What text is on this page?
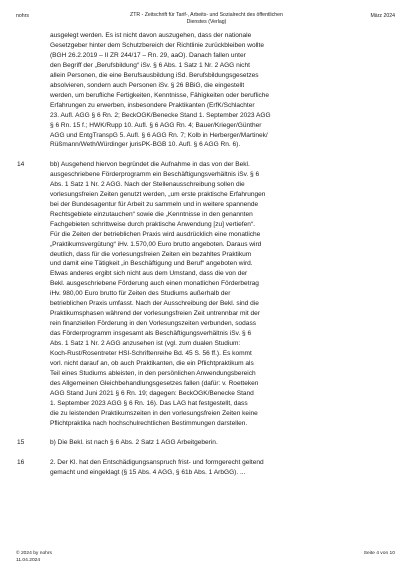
nohrs	ZTR - Zeitschrift für Tarif-, Arbeits- und Sozialrecht des öffentlichen
Dienstes (Verlag)
März 2024

ausgelegt werden. Es ist nicht davon auszugehen, dass der nationale
Gesetzgeber hinter dem Schutzbereich der Richtlinie zurückbleiben wollte
(BGH 26.2.2019 – II ZR 244/17 – Rn. 29, aaO). Danach fallen unter
den Begriff der „Berufsbildung“ iSv. § 6 Abs. 1 Satz 1 Nr. 2 AGG nicht
allein Personen, die eine Berufsausbildung iSd. Berufsbildungsgesetzes
absolvieren, sondern auch Personen iSv. § 26 BBiG, die eingestellt
werden, um berufliche Fertigkeiten, Kenntnisse, Fähigkeiten oder berufliche
Erfahrungen zu erwerben, insbesondere Praktikanten (ErfK/Schlachter
23. Aufl. AGG § 6 Rn. 2; BeckOGK/Benecke Stand 1. September 2023 AGG
§ 6 Rn. 15 f.; HWK/Rupp 10. Aufl. § 6 AGG Rn. 4; Bauer/Krieger/Günther
AGG und EntgTranspG 5. Aufl. § 6 AGG Rn. 7; Kolb in Herberger/Martinek/
Rüßmann/Weth/Würdinger jurisPK-BGB 10. Aufl. § 6 AGG Rn. 6).

14	bb) Ausgehend hiervon begründet die Aufnahme in das von der Bekl.
ausgeschriebene Förderprogramm ein Beschäftigungsverhältnis iSv. § 6
Abs. 1 Satz 1 Nr. 2 AGG. Nach der Stellenausschreibung sollen die
vorlesungsfreien Zeiten genutzt werden, „um erste praktische Erfahrungen
bei der Bundesagentur für Arbeit zu sammeln und in weitere spannende
Rechtsgebiete einzutauchen“ sowie die „Kenntnisse in den genannten
Fachgebieten schrittweise durch praktische Anwendung [zu] vertiefen“.
Für die Zeiten der betrieblichen Praxis wird ausdrücklich eine monatliche
„Praktikumsvergütung“ iHv. 1.570,00 Euro brutto angeboten. Daraus wird
deutlich, dass für die vorlesungsfreien Zeiten ein bezahltes Praktikum
und damit eine Tätigkeit „in Beschäftigung und Beruf“ angeboten wird.
Etwas anderes ergibt sich nicht aus dem Umstand, dass die von der
Bekl. ausgeschriebene Förderung auch einen monatlichen Förderbetrag
iHv. 980,00 Euro brutto für Zeiten des Studiums außerhalb der
betrieblichen Praxis umfasst. Nach der Ausschreibung der Bekl. sind die
Praktikumsphasen während der vorlesungsfreien Zeit untrennbar mit der
rein finanziellen Förderung in den Vorlesungszeiten verbunden, sodass
das Förderprogramm insgesamt als Beschäftigungsverhältnis iSv. § 6
Abs. 1 Satz 1 Nr. 2 AGG anzusehen ist (vgl. zum dualen Studium:
Koch-Rust/Rosentreter HSI-Schriftenreihe Bd. 45 S. 56 ff.). Es kommt
vorl. nicht darauf an, ob auch Praktikanten, die ein Pflichtpraktikum als
Teil eines Studiums ableisten, in den persönlichen Anwendungsbereich
des Allgemeinen Gleichbehandlungsgesetzes fallen (dafür: v. Roetteken
AGG Stand Juni 2021 § 6 Rn. 19; dagegen: BeckOGK/Benecke Stand
1. September 2023 AGG § 6 Rn. 16). Das LAG hat festgestellt, dass
die zu leistenden Praktikumszeiten in den vorlesungsfreien Zeiten keine
Pflichtpraktika nach hochschulrechtlichen Bestimmungen darstellen.

15	b) Die Bekl. ist nach § 6 Abs. 2 Satz 1 AGG Arbeitgeberin.

16	2. Der Kl. hat den Entschädigungsanspruch frist- und formgerecht geltend
gemacht und eingeklagt (§ 15 Abs. 4 AGG, § 61b Abs. 1 ArbGG). ...

© 2024 by nohrs
11.04.2024
Seite 4 von 10
